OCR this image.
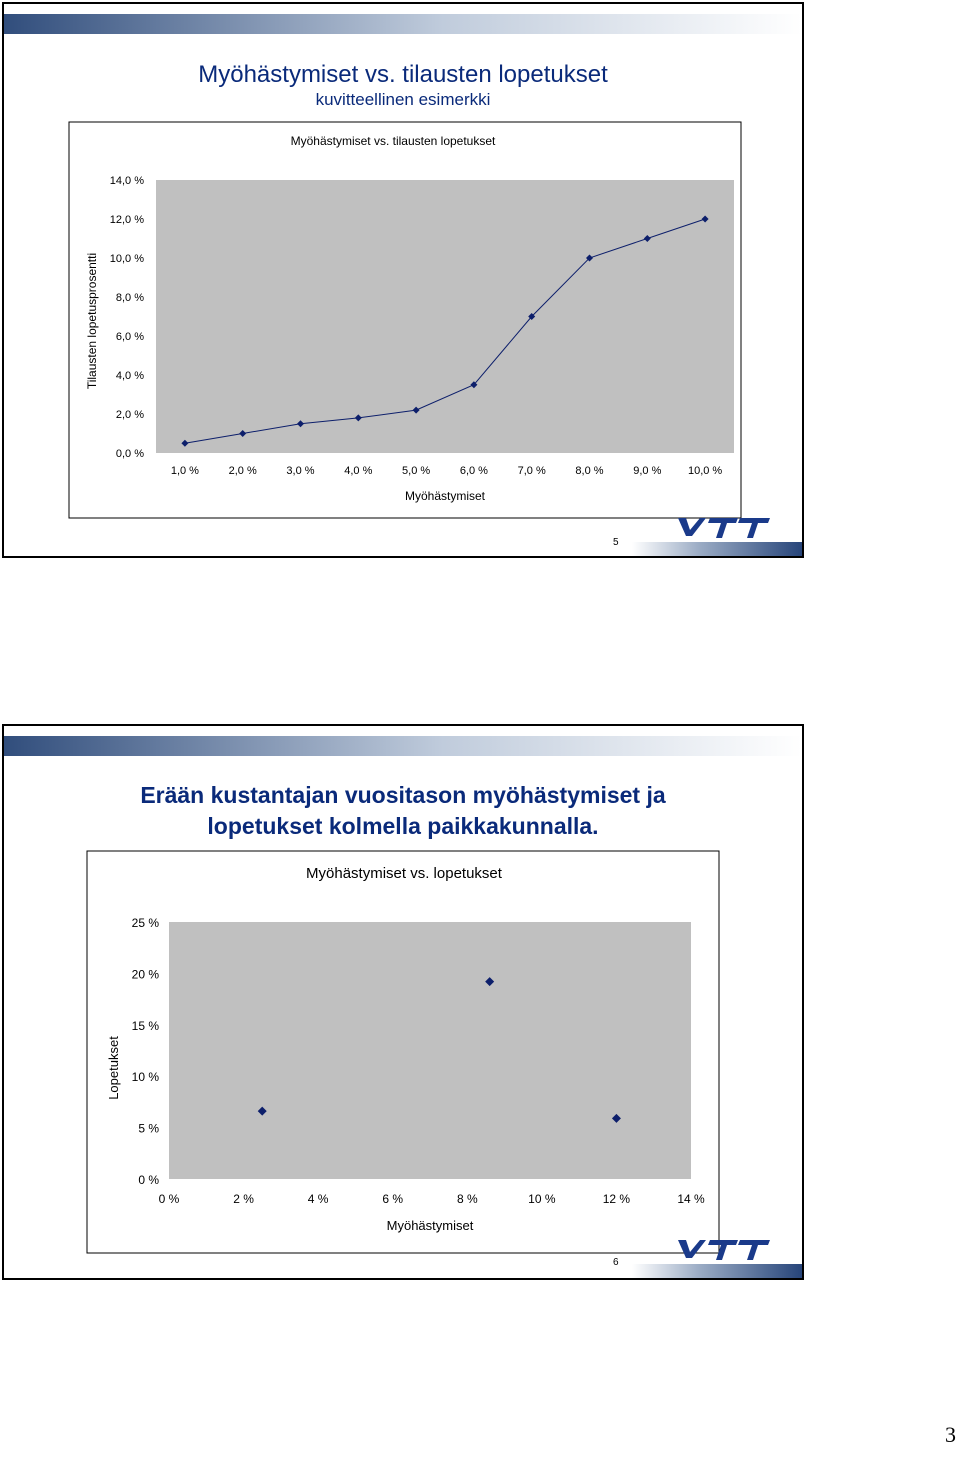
Myöhästymiset vs. tilausten lopetukset
kuvitteellinen esimerkki
Myöhästymiset vs. tilausten lopetukset
0,0 %
2,0 %
4,0 %
6,0 %
8,0 %
10,0 %
12,0 %
14,0 %
1,0 %	2,0 %	3,0 %	4,0 %	5,0 %	6,0 %	7,0 %	8,0 %	9,0 % 10,0 %
Myöhästymiset
Tilausten lopetusprosentti
5
Erään kustantajan vuositason myöhästymiset ja
lopetukset kolmella paikkakunnalla.
Myöhästymiset vs. lopetukset
0 %
5 %
10 %
15 %
20 %
25 %
0 %	2 %	4 %	6 %	8 %	10 %	12 %	14 %
Myöhästymiset
Lopetukset
6
3
